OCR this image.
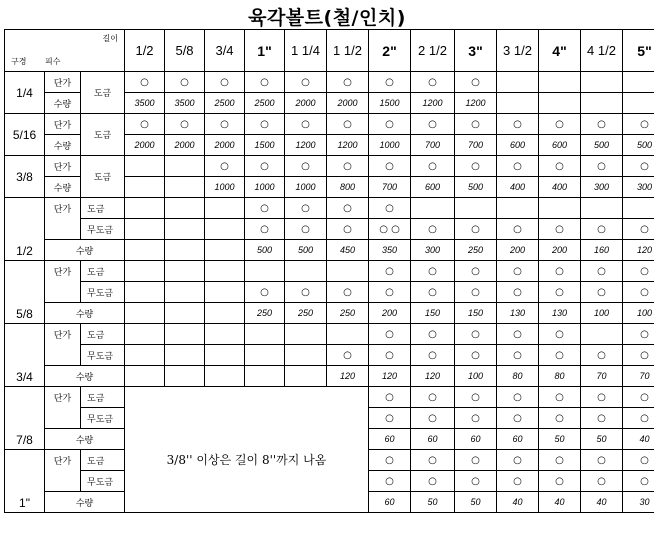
육각볼트(철/인치)
길이
구경 피수			1/2	5/8	3/4	1"	1 1/4	1 1/2	2"	2 1/2	3"	3 1/2	4"	4 1/2	5"
1/4	단가	도금	○	○	○	○	○	○	○	○	○				
	수량		3500	3500	2500	2500	2000	2000	1500	1200	1200				
5/16	단가	도금	○	○	○	○	○	○	○	○	○	○	○	○	○
	수량		2000	2000	2000	1500	1200	1200	1000	700	700	600	600	500	500
3/8	단가	도금			○	○	○	○	○	○	○	○	○	○	○
	수량				1000	1000	1000	800	700	600	500	400	400	300	300
1/2	단가	도금				○	○	○	○						
		무도금				○	○	○	○ ○	○	○	○	○	○	○
	수량					500	500	450	350	300	250	200	200	160	120
5/8	단가	도금							○	○	○	○	○	○	○
		무도금				○	○	○	○	○	○	○	○	○	○
	수량					250	250	250	200	150	150	130	130	100	100
3/4	단가	도금							○	○	○	○	○		○
		무도금						○	○	○	○	○	○	○	○
	수량							120	120	120	100	80	80	70	70
7/8	단가	도금	3/8'' 이상은 길이 8''까지 나옴						○	○	○	○	○	○	○
		무도금							○	○	○	○	○	○	○
	수량								60	60	60	60	50	50	40
1"	단가	도금							○	○	○	○	○	○	○
		무도금							○	○	○	○	○	○	○
	수량								60	50	50	40	40	40	30
